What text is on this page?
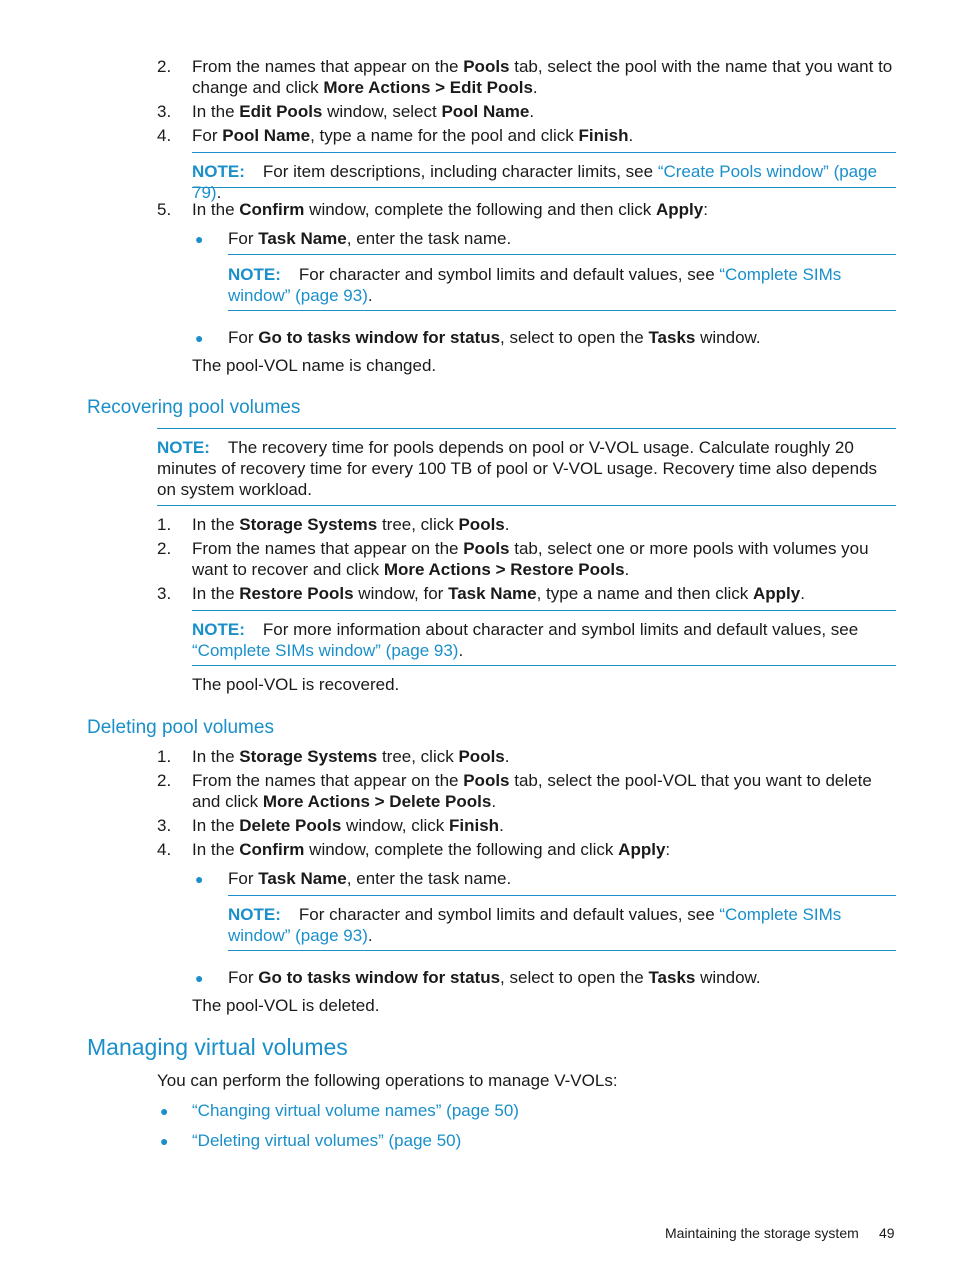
2.	From the names that appear on the Pools tab, select the pool with the name that you want to change and click More Actions > Edit Pools.
3.	In the Edit Pools window, select Pool Name.
4.	For Pool Name, type a name for the pool and click Finish.
NOTE: For item descriptions, including character limits, see “Create Pools window” (page 79).
5.	In the Confirm window, complete the following and then click Apply:
● For Task Name, enter the task name.
NOTE: For character and symbol limits and default values, see “Complete SIMs window” (page 93).
● For Go to tasks window for status, select to open the Tasks window.
The pool-VOL name is changed.
Recovering pool volumes
NOTE: The recovery time for pools depends on pool or V-VOL usage. Calculate roughly 20 minutes of recovery time for every 100 TB of pool or V-VOL usage. Recovery time also depends on system workload.
1.	In the Storage Systems tree, click Pools.
2.	From the names that appear on the Pools tab, select one or more pools with volumes you want to recover and click More Actions > Restore Pools.
3.	In the Restore Pools window, for Task Name, type a name and then click Apply.
NOTE: For more information about character and symbol limits and default values, see “Complete SIMs window” (page 93).
The pool-VOL is recovered.
Deleting pool volumes
1.	In the Storage Systems tree, click Pools.
2.	From the names that appear on the Pools tab, select the pool-VOL that you want to delete and click More Actions > Delete Pools.
3.	In the Delete Pools window, click Finish.
4.	In the Confirm window, complete the following and click Apply:
● For Task Name, enter the task name.
NOTE: For character and symbol limits and default values, see “Complete SIMs window” (page 93).
● For Go to tasks window for status, select to open the Tasks window.
The pool-VOL is deleted.
Managing virtual volumes
You can perform the following operations to manage V-VOLs:
● “Changing virtual volume names” (page 50)
● “Deleting virtual volumes” (page 50)
Maintaining the storage system 49
